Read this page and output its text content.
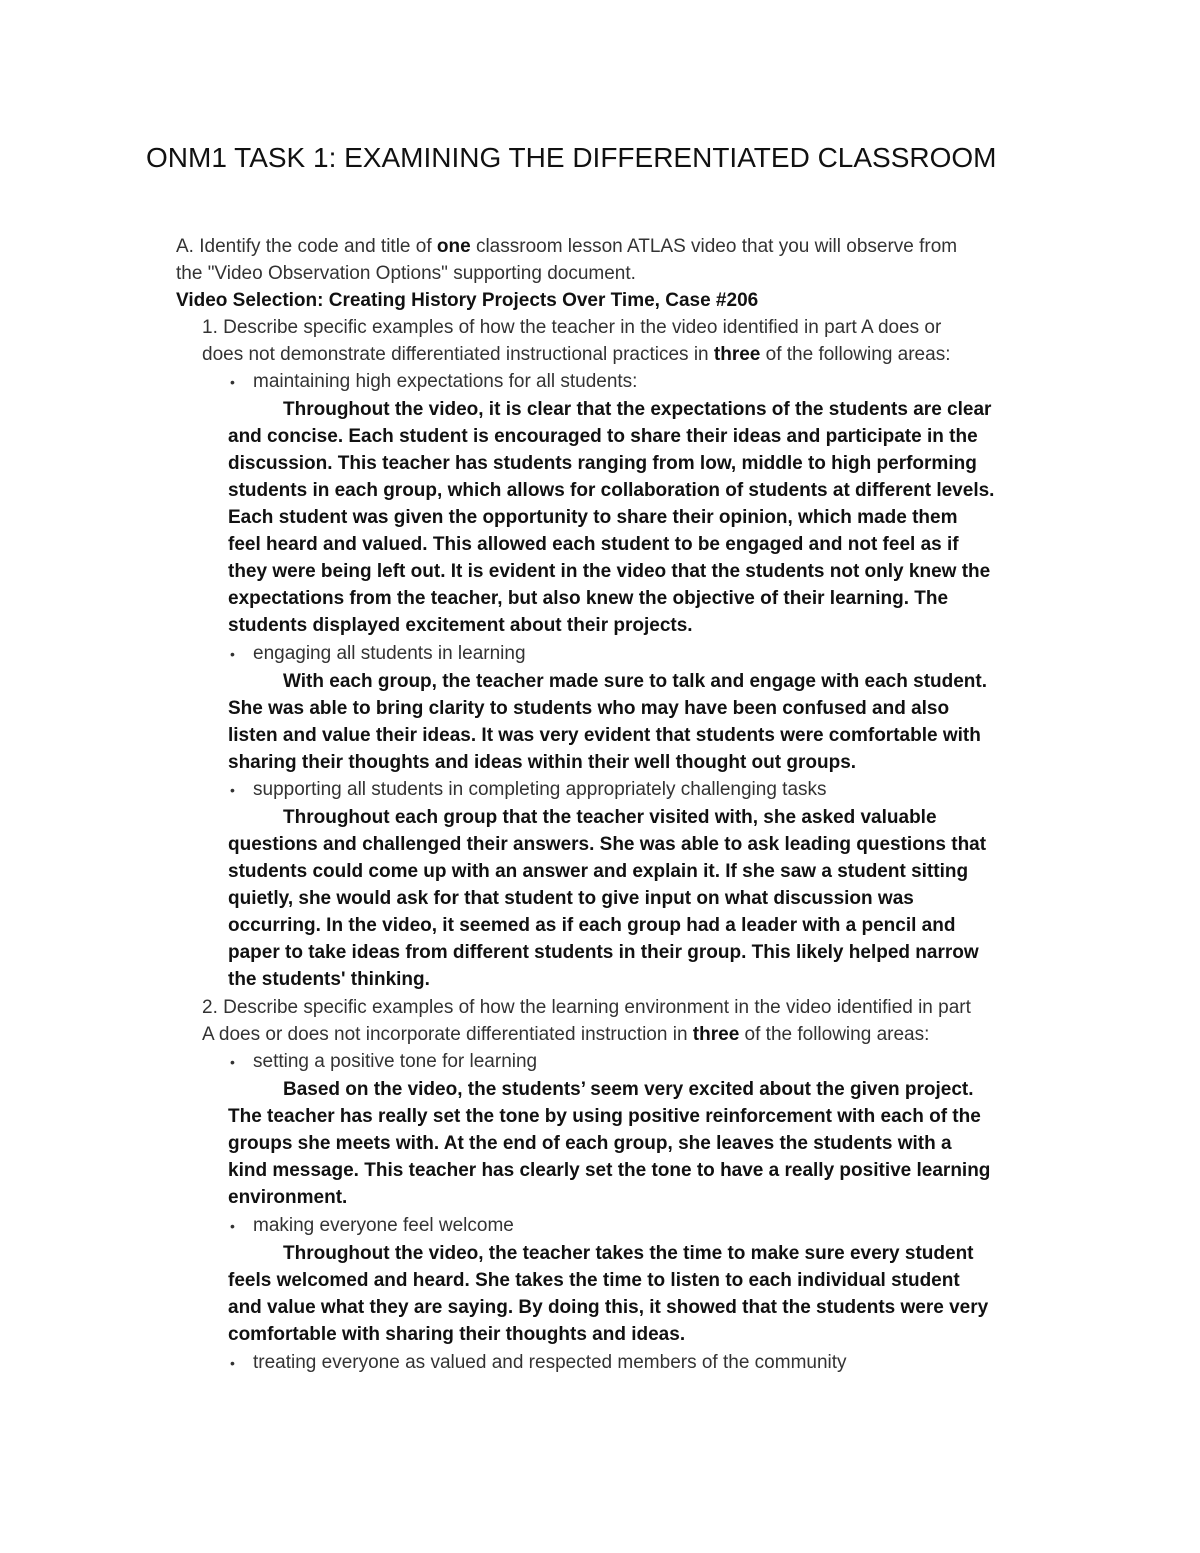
ONM1 TASK 1: EXAMINING THE DIFFERENTIATED CLASSROOM
A. Identify the code and title of one classroom lesson ATLAS video that you will observe from
the "Video Observation Options" supporting document.
Video Selection: Creating History Projects Over Time, Case #206
1. Describe specific examples of how the teacher in the video identified in part A does or
does not demonstrate differentiated instructional practices in three of the following areas:
• maintaining high expectations for all students:
Throughout the video, it is clear that the expectations of the students are clear
and concise. Each student is encouraged to share their ideas and participate in the
discussion. This teacher has students ranging from low, middle to high performing
students in each group, which allows for collaboration of students at different levels.
Each student was given the opportunity to share their opinion, which made them
feel heard and valued. This allowed each student to be engaged and not feel as if
they were being left out. It is evident in the video that the students not only knew the
expectations from the teacher, but also knew the objective of their learning. The
students displayed excitement about their projects.
• engaging all students in learning
With each group, the teacher made sure to talk and engage with each student.
She was able to bring clarity to students who may have been confused and also
listen and value their ideas. It was very evident that students were comfortable with
sharing their thoughts and ideas within their well thought out groups.
• supporting all students in completing appropriately challenging tasks
Throughout each group that the teacher visited with, she asked valuable
questions and challenged their answers. She was able to ask leading questions that
students could come up with an answer and explain it. If she saw a student sitting
quietly, she would ask for that student to give input on what discussion was
occurring. In the video, it seemed as if each group had a leader with a pencil and
paper to take ideas from different students in their group. This likely helped narrow
the students' thinking.
2. Describe specific examples of how the learning environment in the video identified in part
A does or does not incorporate differentiated instruction in three of the following areas:
• setting a positive tone for learning
Based on the video, the students’ seem very excited about the given project.
The teacher has really set the tone by using positive reinforcement with each of the
groups she meets with. At the end of each group, she leaves the students with a
kind message. This teacher has clearly set the tone to have a really positive learning
environment.
• making everyone feel welcome
Throughout the video, the teacher takes the time to make sure every student
feels welcomed and heard. She takes the time to listen to each individual student
and value what they are saying. By doing this, it showed that the students were very
comfortable with sharing their thoughts and ideas.
• treating everyone as valued and respected members of the community
